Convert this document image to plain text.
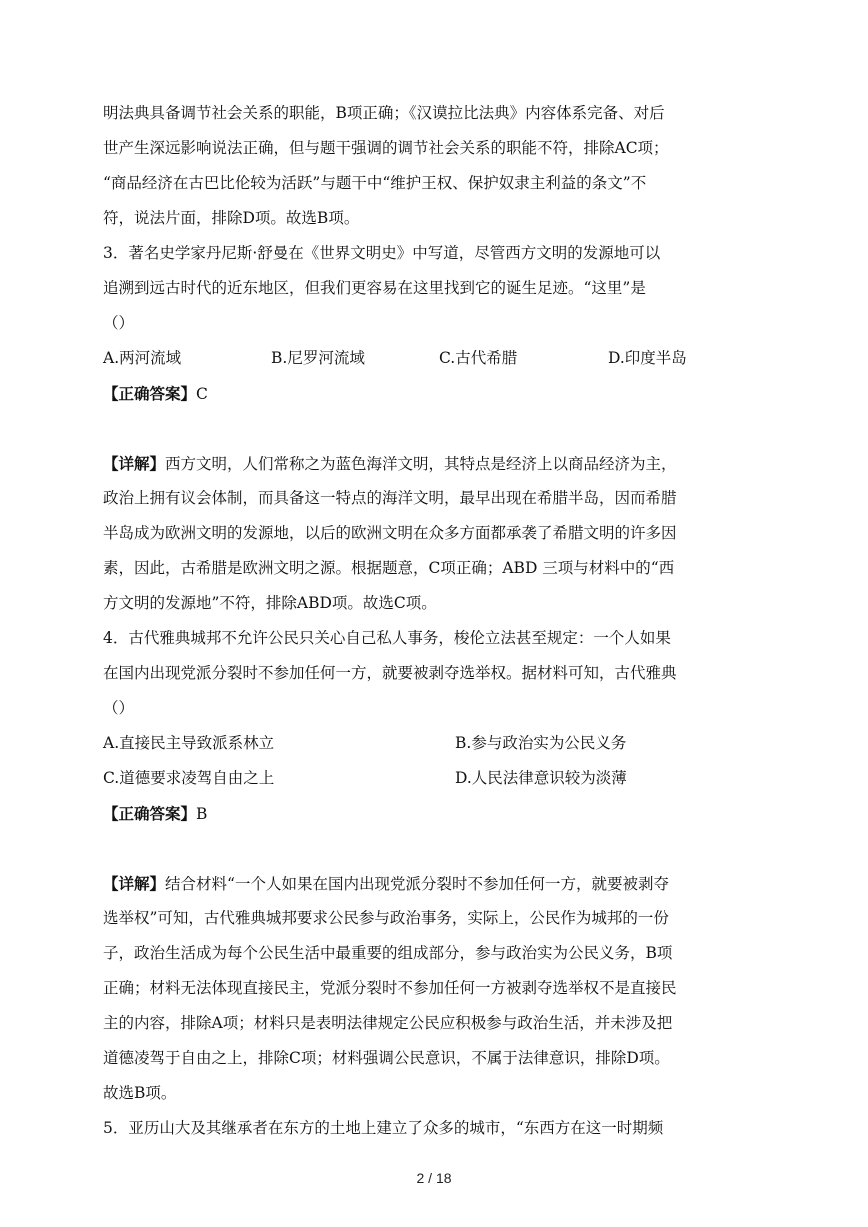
明法典具备调节社会关系的职能，B项正确；《汉谟拉比法典》内容体系完备、对后
世产生深远影响说法正确，但与题干强调的调节社会关系的职能不符，排除AC项；
“商品经济在古巴比伦较为活跃”与题干中“维护王权、保护奴隶主利益的条文”不
符，说法片面，排除D项。故选B项。
3．著名史学家丹尼斯·舒曼在《世界文明史》中写道，尽管西方文明的发源地可以
追溯到远古时代的近东地区，但我们更容易在这里找到它的诞生足迹。“这里”是
（）
A.两河流域	B.尼罗河流域	C.古代希腊	D.印度半岛
【正确答案】C
【详解】西方文明，人们常称之为蓝色海洋文明，其特点是经济上以商品经济为主，
政治上拥有议会体制，而具备这一特点的海洋文明，最早出现在希腊半岛，因而希腊
半岛成为欧洲文明的发源地，以后的欧洲文明在众多方面都承袭了希腊文明的许多因
素，因此，古希腊是欧洲文明之源。根据题意，C项正确；ABD 三项与材料中的“西
方文明的发源地”不符，排除ABD项。故选C项。
4．古代雅典城邦不允许公民只关心自己私人事务，梭伦立法甚至规定：一个人如果
在国内出现党派分裂时不参加任何一方，就要被剥夺选举权。据材料可知，古代雅典
（）
A.直接民主导致派系林立	B.参与政治实为公民义务
C.道德要求凌驾自由之上	D.人民法律意识较为淡薄
【正确答案】B
【详解】结合材料“一个人如果在国内出现党派分裂时不参加任何一方，就要被剥夺
选举权”可知，古代雅典城邦要求公民参与政治事务，实际上，公民作为城邦的一份
子，政治生活成为每个公民生活中最重要的组成部分，参与政治实为公民义务，B项
正确；材料无法体现直接民主，党派分裂时不参加任何一方被剥夺选举权不是直接民
主的内容，排除A项；材料只是表明法律规定公民应积极参与政治生活，并未涉及把
道德凌驾于自由之上，排除C项；材料强调公民意识，不属于法律意识，排除D项。
故选B项。
5．亚历山大及其继承者在东方的土地上建立了众多的城市，“东西方在这一时期频
2 / 18
